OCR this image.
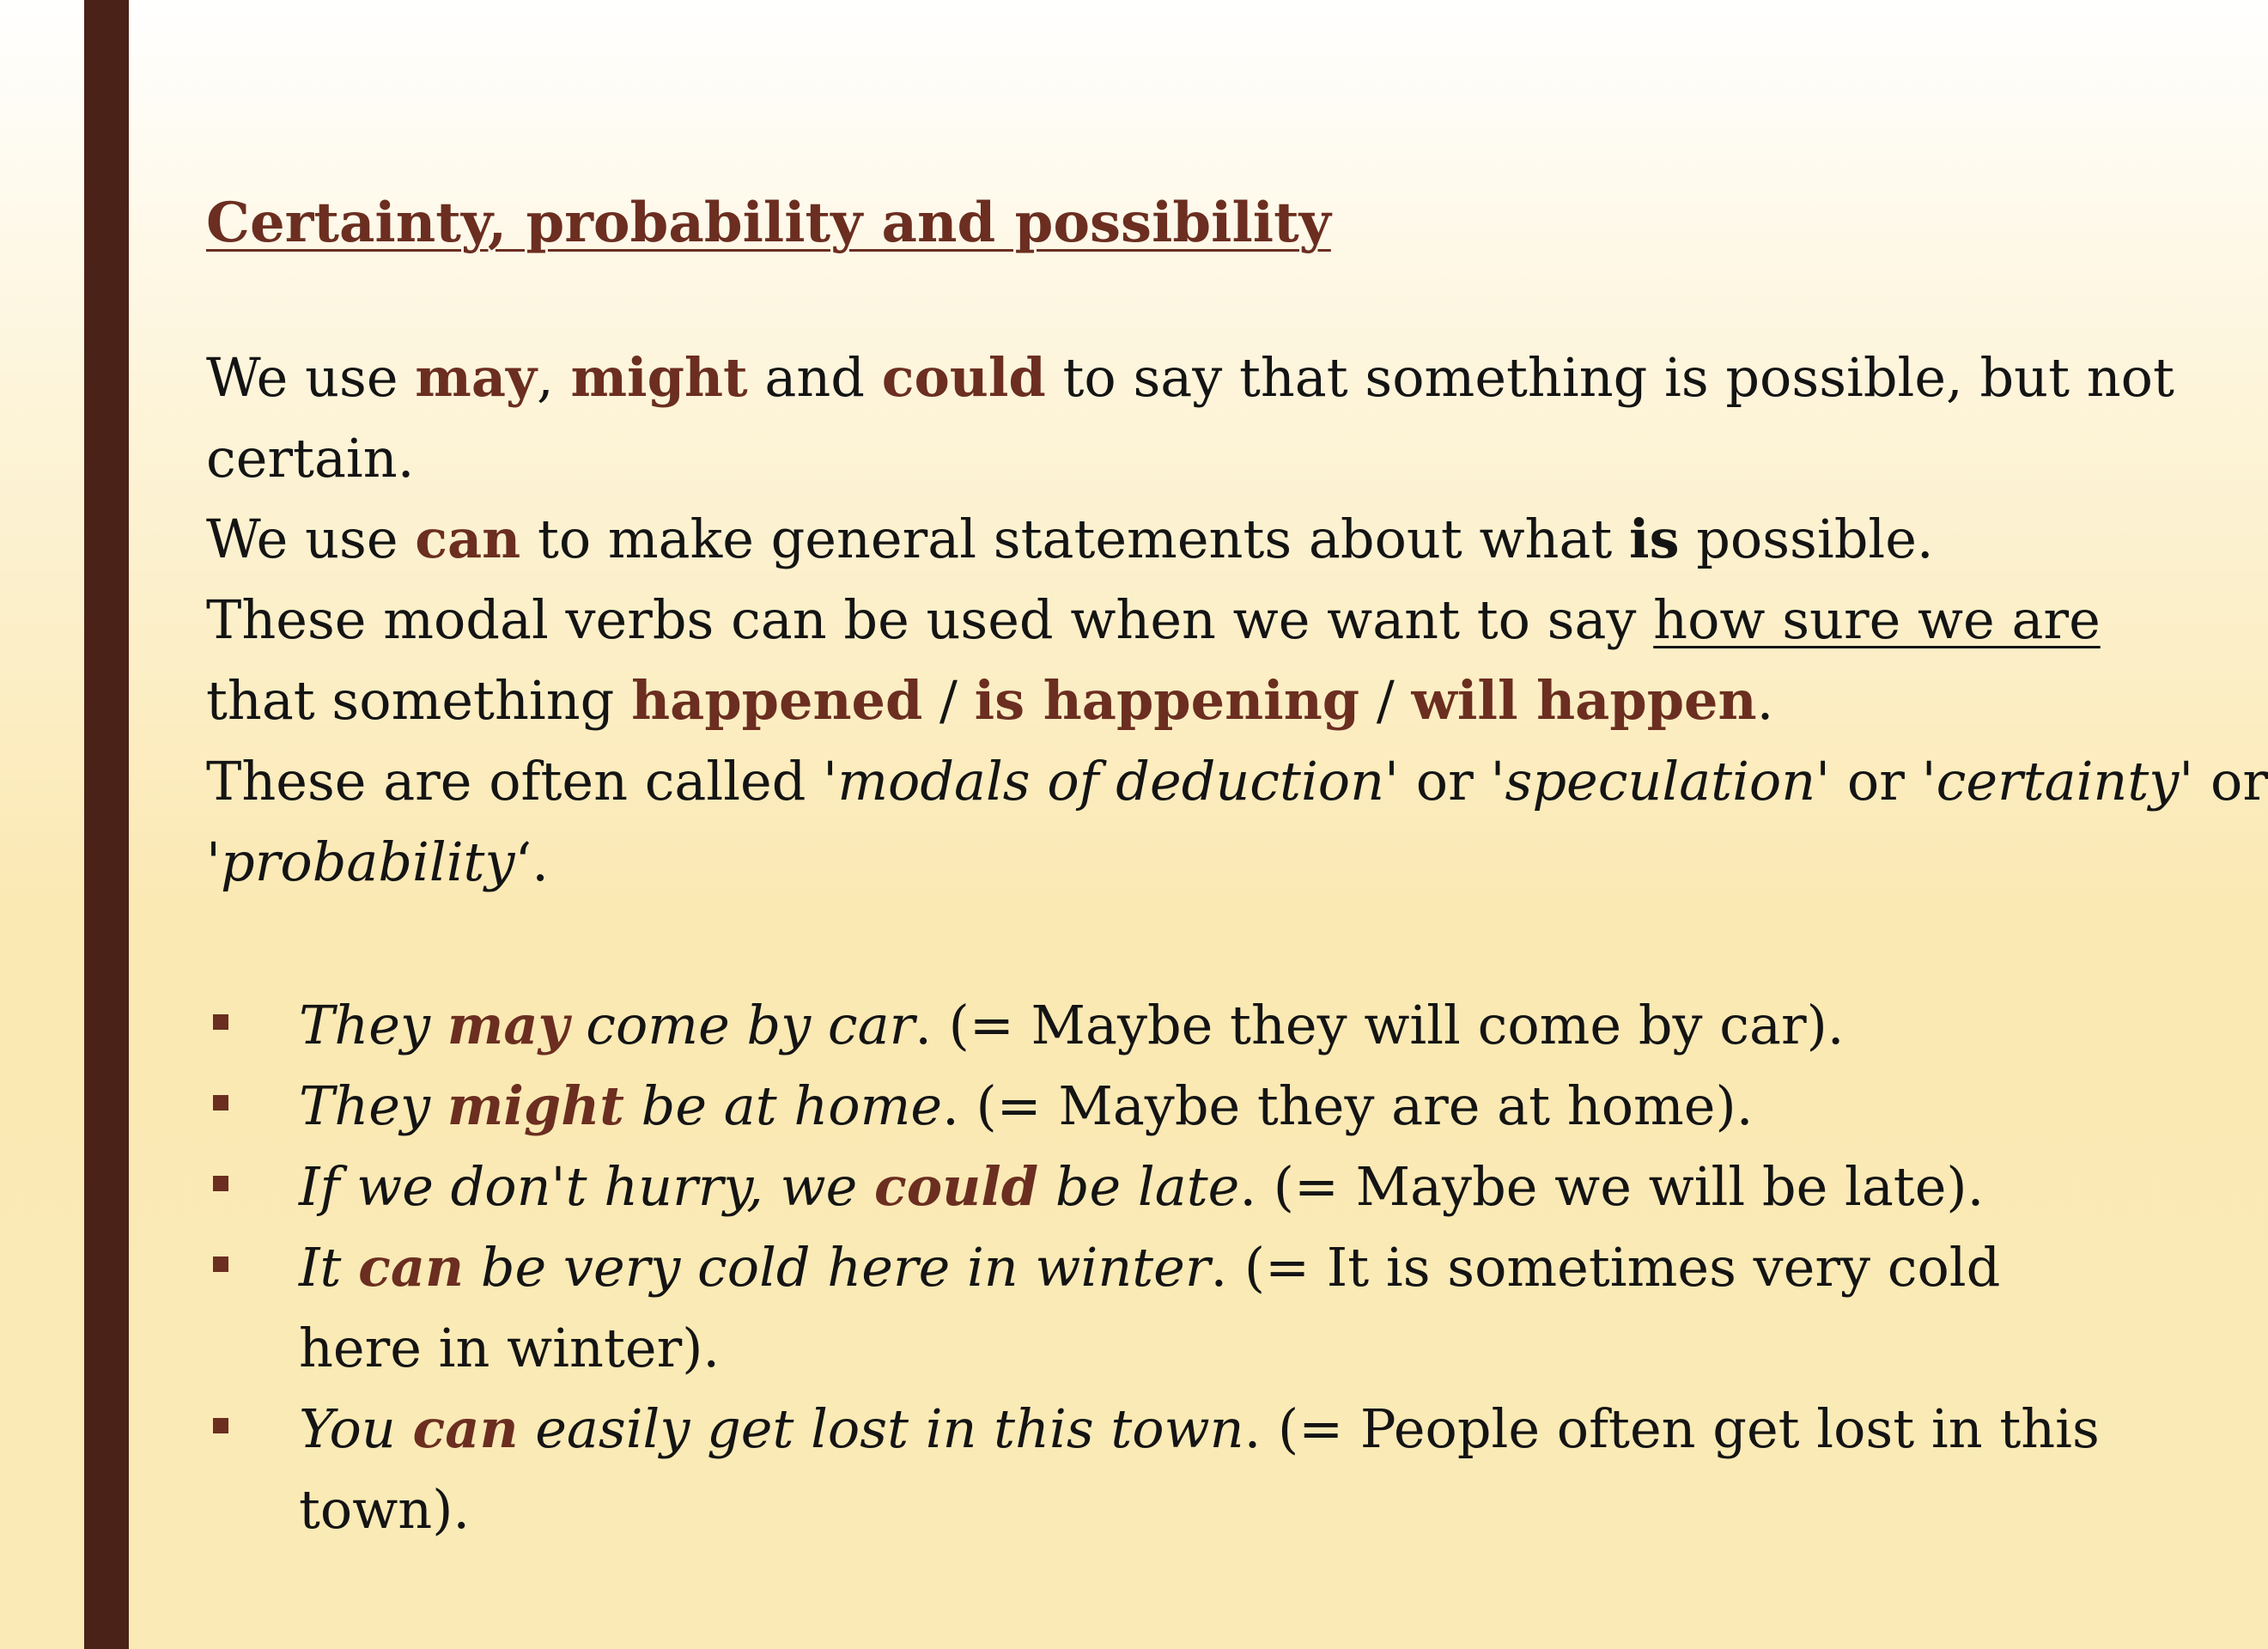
Certainty, probability and possibility
We use may, might and could to say that something is possible, but not
certain.
We use can to make general statements about what is possible.
These modal verbs can be used when we want to say how sure we are
that something happened / is happening / will happen.
These are often called 'modals of deduction' or 'speculation' or 'certainty' or
'probability‘.
They may come by car. (= Maybe they will come by car).
They might be at home. (= Maybe they are at home).
If we don't hurry, we could be late. (= Maybe we will be late).
It can be very cold here in winter. (= It is sometimes very cold here in winter).
You can easily get lost in this town. (= People often get lost in this town).
